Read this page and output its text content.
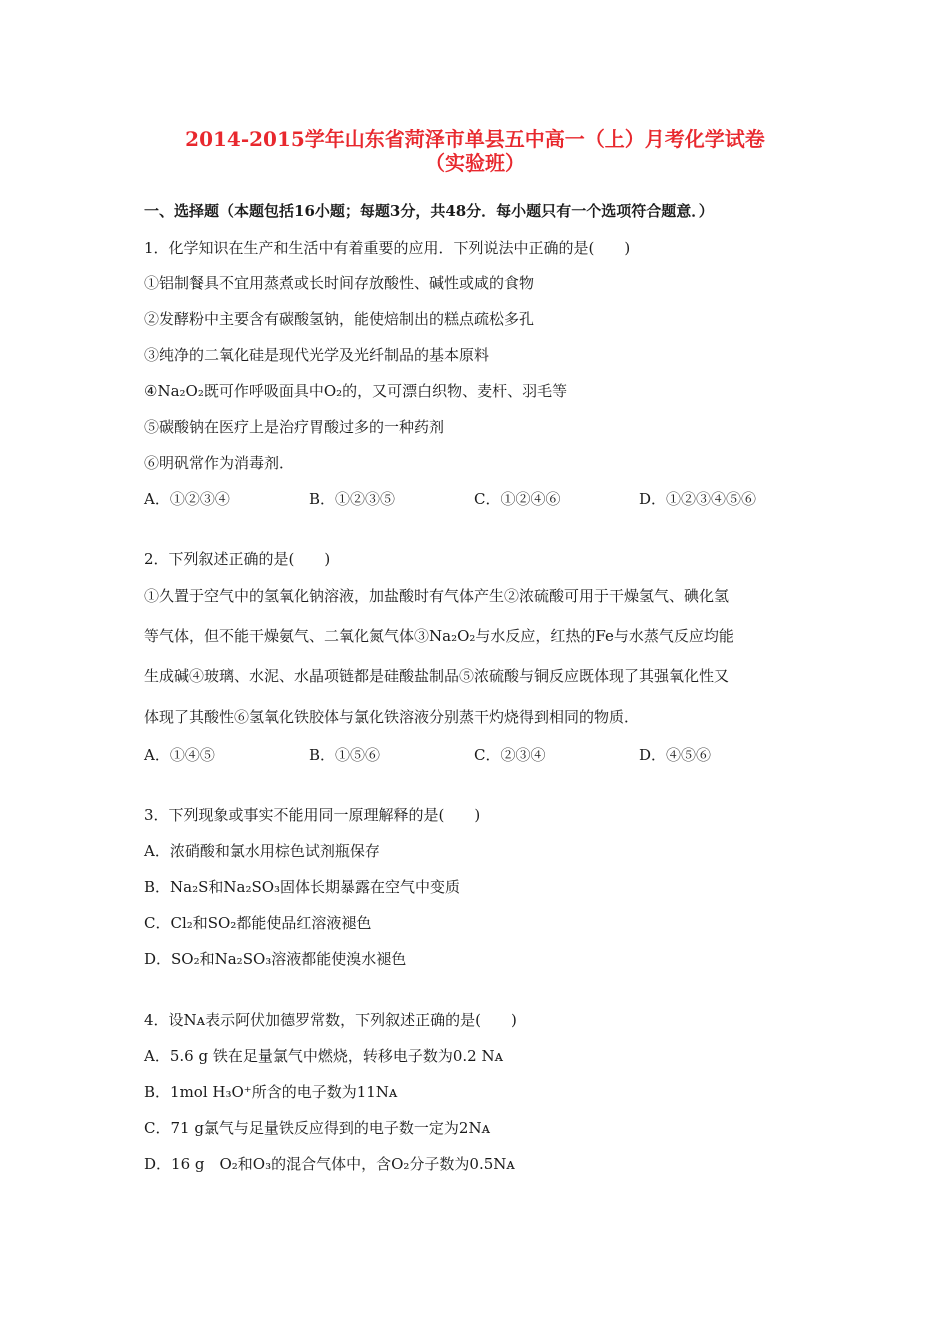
2014-2015学年山东省菏泽市单县五中高一（上）月考化学试卷
（实验班）
一、选择题（本题包括16小题；每题3分，共48分．每小题只有一个选项符合题意．）
1．化学知识在生产和生活中有着重要的应用．下列说法中正确的是(　　)
①铝制餐具不宜用蒸煮或长时间存放酸性、碱性或咸的食物
②发酵粉中主要含有碳酸氢钠，能使焙制出的糕点疏松多孔
③纯净的二氧化硅是现代光学及光纤制品的基本原料
④Na₂O₂既可作呼吸面具中O₂的，又可漂白织物、麦杆、羽毛等
⑤碳酸钠在医疗上是治疗胃酸过多的一种药剂
⑥明矾常作为消毒剂．
A．①②③④	B．①②③⑤	C．①②④⑥	D．①②③④⑤⑥
2．下列叙述正确的是(　　)
①久置于空气中的氢氧化钠溶液，加盐酸时有气体产生②浓硫酸可用于干燥氢气、碘化氢
等气体，但不能干燥氨气、二氧化氮气体③Na₂O₂与水反应，红热的Fe与水蒸气反应均能
生成碱④玻璃、水泥、水晶项链都是硅酸盐制品⑤浓硫酸与铜反应既体现了其强氧化性又
体现了其酸性⑥氢氧化铁胶体与氯化铁溶液分别蒸干灼烧得到相同的物质．
A．①④⑤	B．①⑤⑥	C．②③④	D．④⑤⑥
3．下列现象或事实不能用同一原理解释的是(　　)
A．浓硝酸和氯水用棕色试剂瓶保存
B．Na₂S和Na₂SO₃固体长期暴露在空气中变质
C．Cl₂和SO₂都能使品红溶液褪色
D．SO₂和Na₂SO₃溶液都能使溴水褪色
4．设Nᴀ表示阿伏加德罗常数，下列叙述正确的是(　　)
A．5.6 g 铁在足量氯气中燃烧，转移电子数为0.2 Nᴀ
B．1mol H₃O⁺所含的电子数为11Nᴀ
C．71 g氯气与足量铁反应得到的电子数一定为2Nᴀ
D．16 g　O₂和O₃的混合气体中，含O₂分子数为0.5Nᴀ
